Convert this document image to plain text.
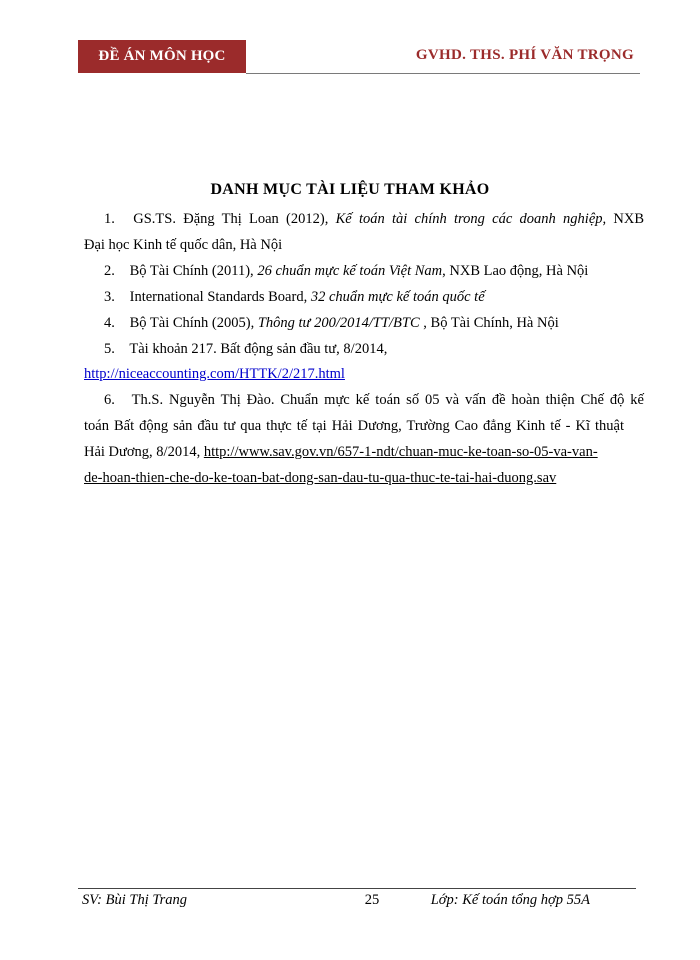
ĐỀ ÁN MÔN HỌC	GVHD. THS. PHÍ VĂN TRỌNG
DANH MỤC TÀI LIỆU THAM KHẢO
1. GS.TS. Đặng Thị Loan (2012), Kế toán tài chính trong các doanh nghiệp, NXB
Đại học Kinh tế quốc dân, Hà Nội
2. Bộ Tài Chính (2011), 26 chuẩn mực kế toán Việt Nam, NXB Lao động, Hà Nội
3. International Standards Board, 32 chuẩn mực kế toán quốc tế
4. Bộ Tài Chính (2005), Thông tư 200/2014/TT/BTC , Bộ Tài Chính, Hà Nội
5. Tài khoản 217. Bất động sản đầu tư, 8/2014,
http://niceaccounting.com/HTTK/2/217.html
6. Th.S. Nguyễn Thị Đào. Chuẩn mực kế toán số 05 và vấn đề hoàn thiện Chế độ kế
toán Bất động sản đầu tư qua thực tế tại Hải Dương, Trường Cao đẳng Kinh tế - Kĩ thuật
Hải Dương, 8/2014, http://www.sav.gov.vn/657-1-ndt/chuan-muc-ke-toan-so-05-va-van-
de-hoan-thien-che-do-ke-toan-bat-dong-san-dau-tu-qua-thuc-te-tai-hai-duong.sav
SV: Bùi Thị Trang	25	Lớp: Kế toán tổng hợp 55A
